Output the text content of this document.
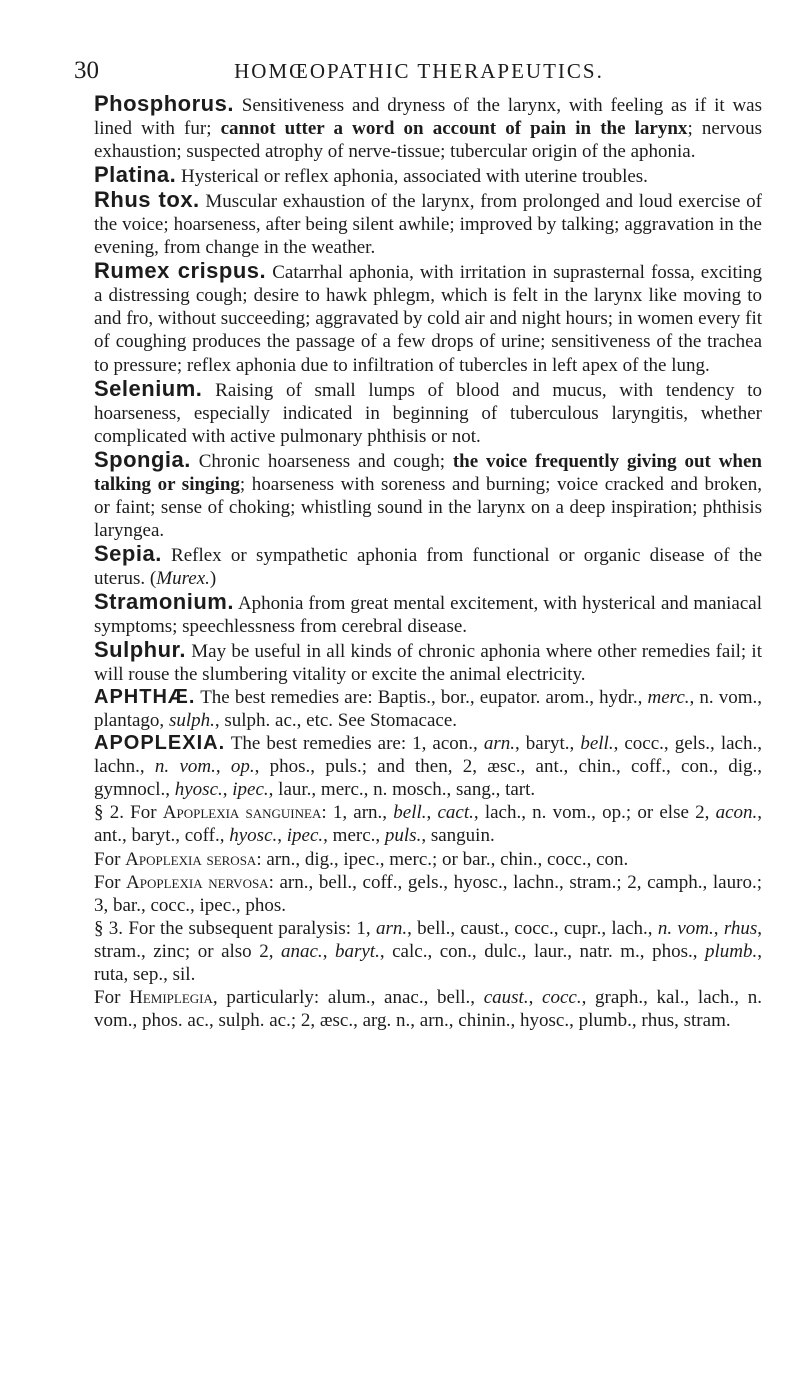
30	HOMŒOPATHIC THERAPEUTICS.

Phosphorus. Sensitiveness and dryness of the larynx, with feeling as if it was lined with fur; cannot utter a word on account of pain in the larynx; nervous exhaustion; suspected atrophy of nerve-tissue; tubercular origin of the aphonia.

Platina. Hysterical or reflex aphonia, associated with uterine troubles.

Rhus tox. Muscular exhaustion of the larynx, from prolonged and loud exercise of the voice; hoarseness, after being silent awhile; improved by talking; aggravation in the evening, from change in the weather.

Rumex crispus. Catarrhal aphonia, with irritation in suprasternal fossa, exciting a distressing cough; desire to hawk phlegm, which is felt in the larynx like moving to and fro, without succeeding; aggravated by cold air and night hours; in women every fit of coughing produces the passage of a few drops of urine; sensitiveness of the trachea to pressure; reflex aphonia due to infiltration of tubercles in left apex of the lung.

Selenium. Raising of small lumps of blood and mucus, with tendency to hoarseness, especially indicated in beginning of tuberculous laryngitis, whether complicated with active pulmonary phthisis or not.

Spongia. Chronic hoarseness and cough; the voice frequently giving out when talking or singing; hoarseness with soreness and burning; voice cracked and broken, or faint; sense of choking; whistling sound in the larynx on a deep inspiration; phthisis laryngea.

Sepia. Reflex or sympathetic aphonia from functional or organic disease of the uterus. (Murex.)

Stramonium. Aphonia from great mental excitement, with hysterical and maniacal symptoms; speechlessness from cerebral disease.

Sulphur. May be useful in all kinds of chronic aphonia where other remedies fail; it will rouse the slumbering vitality or excite the animal electricity.

APHTHÆ. The best remedies are: Baptis., bor., eupator. arom., hydr., merc., n. vom., plantago, sulph., sulph. ac., etc. See Stomacace.

APOPLEXIA. The best remedies are: 1, acon., arn., baryt., bell., cocc., gels., lach., lachn., n. vom., op., phos., puls.; and then, 2, æsc., ant., chin., coff., con., dig., gymnocl., hyosc., ipec., laur., merc., n. mosch., sang., tart.

§ 2. For Apoplexia sanguinea: 1, arn., bell., cact., lach., n. vom., op.; or else 2, acon., ant., baryt., coff., hyosc., ipec., merc., puls., sanguin.

For Apoplexia serosa: arn., dig., ipec., merc.; or bar., chin., cocc., con.

For Apoplexia nervosa: arn., bell., coff., gels., hyosc., lachn., stram.; 2, camph., lauro.; 3, bar., cocc., ipec., phos.

§ 3. For the subsequent paralysis: 1, arn., bell., caust., cocc., cupr., lach., n. vom., rhus, stram., zinc; or also 2, anac., baryt., calc., con., dulc., laur., natr. m., phos., plumb., ruta, sep., sil.

For Hemiplegia, particularly: alum., anac., bell., caust., cocc., graph., kal., lach., n. vom., phos. ac., sulph. ac.; 2, æsc., arg. n., arn., chinin., hyosc., plumb., rhus, stram.
